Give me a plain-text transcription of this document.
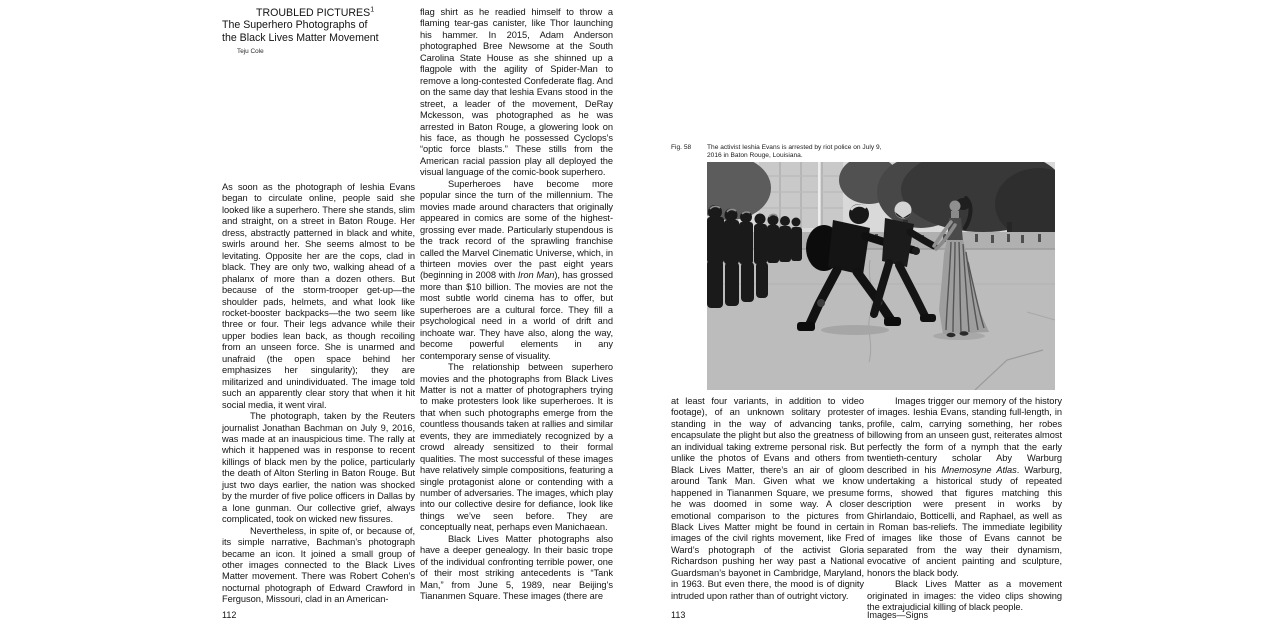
TROUBLED PICTURES$^1$
The Superhero Photographs of
the Black Lives Matter Movement
Teju Cole

As soon as the photograph of Ieshia Evans began to circulate online, people said she looked like a superhero. There she stands, slim and straight, on a street in Baton Rouge. Her dress, abstractly patterned in black and white, swirls around her. She seems almost to be levitating. Opposite her are the cops, clad in black. They are only two, walking ahead of a phalanx of more than a dozen others. But because of the storm-trooper get-up—the shoulder pads, helmets, and what look like rocket-booster backpacks—the two seem like three or four. Their legs advance while their upper bodies lean back, as though recoiling from an unseen force. She is unarmed and unafraid (the open space behind her emphasizes her singularity); they are militarized and unindividuated. The image told such an apparently clear story that when it hit social media, it went viral.

The photograph, taken by the Reuters journalist Jonathan Bachman on July 9, 2016, was made at an inauspicious time. The rally at which it happened was in response to recent killings of black men by the police, particularly the death of Alton Sterling in Baton Rouge. But just two days earlier, the nation was shocked by the murder of five police officers in Dallas by a lone gunman. Our collective grief, always complicated, took on wicked new fissures.

Nevertheless, in spite of, or because of, its simple narrative, Bachman’s photograph became an icon. It joined a small group of other images connected to the Black Lives Matter movement. There was Robert Cohen’s nocturnal photograph of Edward Crawford in Ferguson, Missouri, clad in an American-

flag shirt as he readied himself to throw a flaming tear-gas canister, like Thor launching his hammer. In 2015, Adam Anderson photographed Bree Newsome at the South Carolina State House as she shinned up a flagpole with the agility of Spider-Man to remove a long-contested Confederate flag. And on the same day that Ieshia Evans stood in the street, a leader of the movement, DeRay Mckesson, was photographed as he was arrested in Baton Rouge, a glowering look on his face, as though he possessed Cyclops’s “optic force blasts.” These stills from the American racial passion play all deployed the visual language of the comic-book superhero.

Superheroes have become more popular since the turn of the millennium. The movies made around characters that originally appeared in comics are some of the highest-grossing ever made. Particularly stupendous is the track record of the sprawling franchise called the Marvel Cinematic Universe, which, in thirteen movies over the past eight years (beginning in 2008 with Iron Man), has grossed more than $10 billion. The movies are not the most subtle world cinema has to offer, but superheroes are a cultural force. They fill a psychological need in a world of drift and inchoate war. They have also, along the way, become powerful elements in any contemporary sense of visuality.

The relationship between superhero movies and the photographs from Black Lives Matter is not a matter of photographers trying to make protesters look like superheroes. It is that when such photographs emerge from the countless thousands taken at rallies and similar events, they are immediately recognized by a crowd already sensitized to their formal qualities. The most successful of these images have relatively simple compositions, featuring a single protagonist alone or contending with a number of adversaries. The images, which play into our collective desire for defiance, look like things we’ve seen before. They are conceptually neat, perhaps even Manichaean.

Black Lives Matter photographs also have a deeper genealogy. In their basic trope of the individual confronting terrible power, one of their most striking antecedents is “Tank Man,” from June 5, 1989, near Beijing’s Tiananmen Square. These images (there are

112
Fig. 58 The activist Ieshia Evans is arrested by riot police on July 9, 2016 in Baton Rouge, Louisiana.

at least four variants, in addition to video footage), of an unknown solitary protester standing in the way of advancing tanks, encapsulate the plight but also the greatness of an individual taking extreme personal risk. But unlike the photos of Evans and others from Black Lives Matter, there’s an air of gloom around Tank Man. Given what we know happened in Tiananmen Square, we presume he was doomed in some way. A closer emotional comparison to the pictures from Black Lives Matter might be found in certain images of the civil rights movement, like Fred Ward’s photograph of the activist Gloria Richardson pushing her way past a National Guardsman’s bayonet in Cambridge, Maryland, in 1963. But even there, the mood is of dignity intruded upon rather than of outright victory.

Images trigger our memory of the history of images. Ieshia Evans, standing full-length, in profile, calm, carrying something, her robes billowing from an unseen gust, reiterates almost perfectly the form of a nymph that the early twentieth-century scholar Aby Warburg described in his Mnemosyne Atlas. Warburg, undertaking a historical study of repeated forms, showed that figures matching this description were present in works by Ghirlandaio, Botticelli, and Raphael, as well as in Roman bas-reliefs. The immediate legibility of images like those of Evans cannot be separated from the way their dynamism, evocative of ancient painting and sculpture, honors the black body.

Black Lives Matter as a movement originated in images: the video clips showing the extrajudicial killing of black people.

113	Images—Signs
